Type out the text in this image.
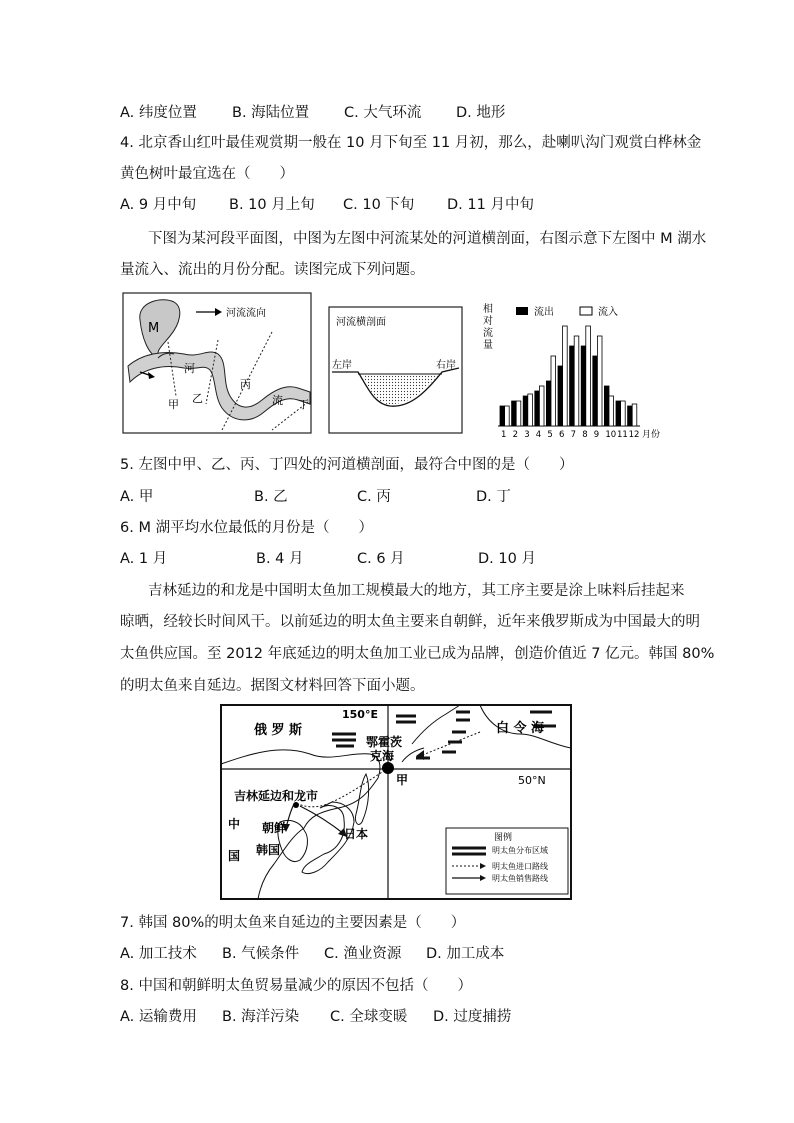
A. 纬度位置 B. 海陆位置 C. 大气环流 D. 地形
4. 北京香山红叶最佳观赏期一般在 10 月下旬至 11 月初，那么，赴喇叭沟门观赏白桦林金
黄色树叶最宜选在（　　）
A. 9 月中旬 B. 10 月上旬 C. 10 下旬 D. 11 月中旬
下图为某河段平面图，中图为左图中河流某处的河道横剖面，右图示意下左图中 M 湖水
量流入、流出的月份分配。读图完成下列问题。
河流流向
M
河
流
甲 乙
丙
丁
河流横剖面
左岸	右岸
相
对
流
量
流出	流入
1 2 3 4 5 6 7 8 9 10 11 12 月份
5. 左图中甲、乙、丙、丁四处的河道横剖面，最符合中图的是（　　）
A. 甲	B. 乙	C. 丙	D. 丁
6. M 湖平均水位最低的月份是（　　）
A. 1 月	B. 4 月	C. 6 月	D. 10 月
吉林延边的和龙是中国明太鱼加工规模最大的地方，其工序主要是涂上味料后挂起来
晾晒，经较长时间风干。以前延边的明太鱼主要来自朝鲜，近年来俄罗斯成为中国最大的明
太鱼供应国。至 2012 年底延边的明太鱼加工业已成为品牌，创造价值近 7 亿元。韩国 80%
的明太鱼来自延边。据图文材料回答下面小题。
150°E
俄 罗 斯
鄂霍茨
克海
白 令 海
甲	50°N
吉林延边和龙市
中
国
朝鲜
韩国
日本	图例
明太鱼分布区域
明太鱼进口路线
明太鱼销售路线
7. 韩国 80%的明太鱼来自延边的主要因素是（　　）
A. 加工技术 B. 气候条件 C. 渔业资源 D. 加工成本
8. 中国和朝鲜明太鱼贸易量减少的原因不包括（　　）
A. 运输费用 B. 海洋污染 C. 全球变暖 D. 过度捕捞
